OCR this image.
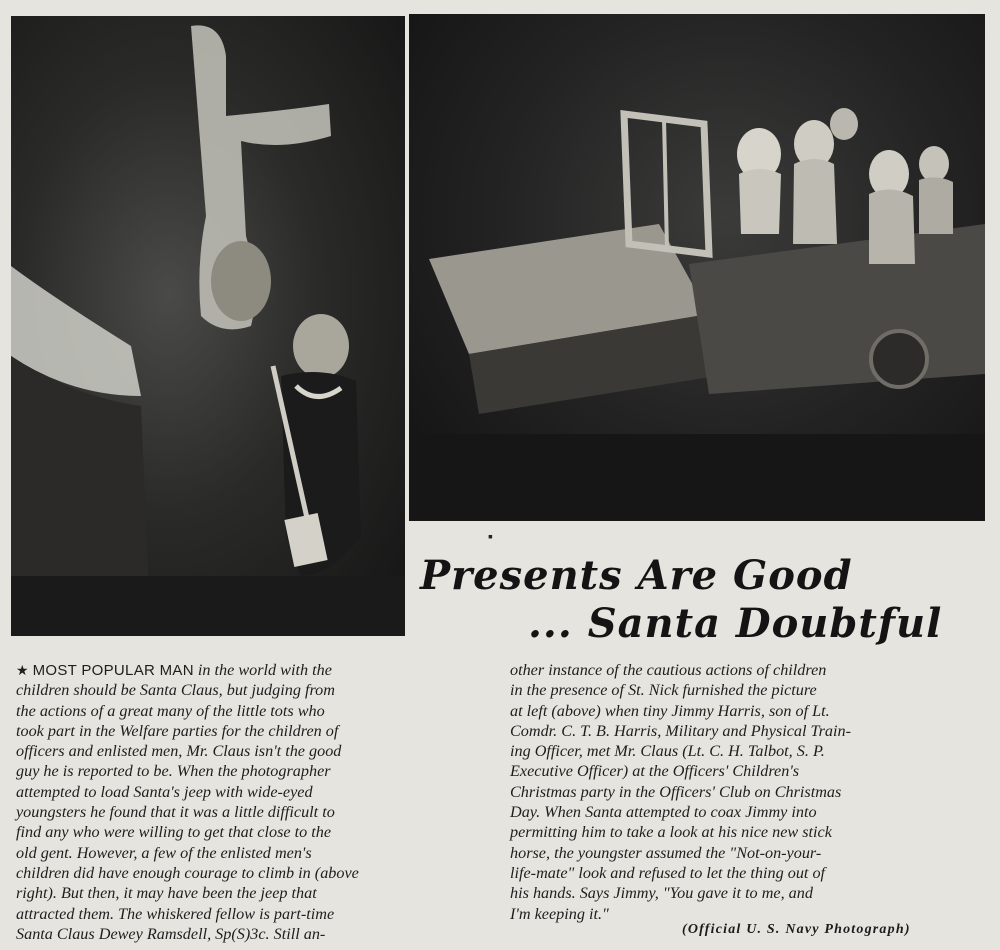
▪
Presents Are Good
... Santa Doubtful
★ MOST POPULAR MAN in the world with the
children should be Santa Claus, but judging from
the actions of a great many of the little tots who
took part in the Welfare parties for the children of
officers and enlisted men, Mr. Claus isn't the good
guy he is reported to be. When the photographer
attempted to load Santa's jeep with wide-eyed
youngsters he found that it was a little difficult to
find any who were willing to get that close to the
old gent. However, a few of the enlisted men's
children did have enough courage to climb in (above
right). But then, it may have been the jeep that
attracted them. The whiskered fellow is part-time
Santa Claus Dewey Ramsdell, Sp(S)3c. Still an-
other instance of the cautious actions of children
in the presence of St. Nick furnished the picture
at left (above) when tiny Jimmy Harris, son of Lt.
Comdr. C. T. B. Harris, Military and Physical Train-
ing Officer, met Mr. Claus (Lt. C. H. Talbot, S. P.
Executive Officer) at the Officers' Children's
Christmas party in the Officers' Club on Christmas
Day. When Santa attempted to coax Jimmy into
permitting him to take a look at his nice new stick
horse, the youngster assumed the "Not-on-your-
life-mate" look and refused to let the thing out of
his hands. Says Jimmy, "You gave it to me, and
I'm keeping it."
(Official U. S. Navy Photograph)
